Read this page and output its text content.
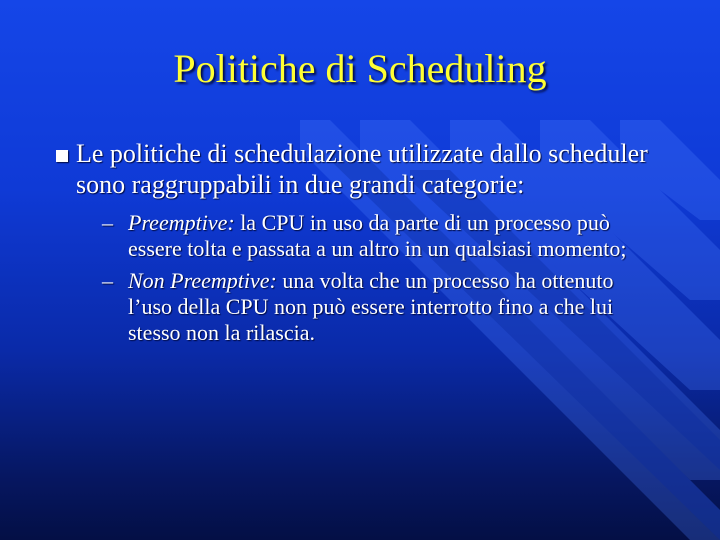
Politiche di Scheduling
Le politiche di schedulazione utilizzate dallo scheduler sono raggruppabili in due grandi categorie:
– Preemptive: la CPU in uso da parte di un processo può essere tolta e passata a un altro in un qualsiasi momento;
– Non Preemptive: una volta che un processo ha ottenuto l’uso della CPU non può essere interrotto fino a che lui stesso non la rilascia.
